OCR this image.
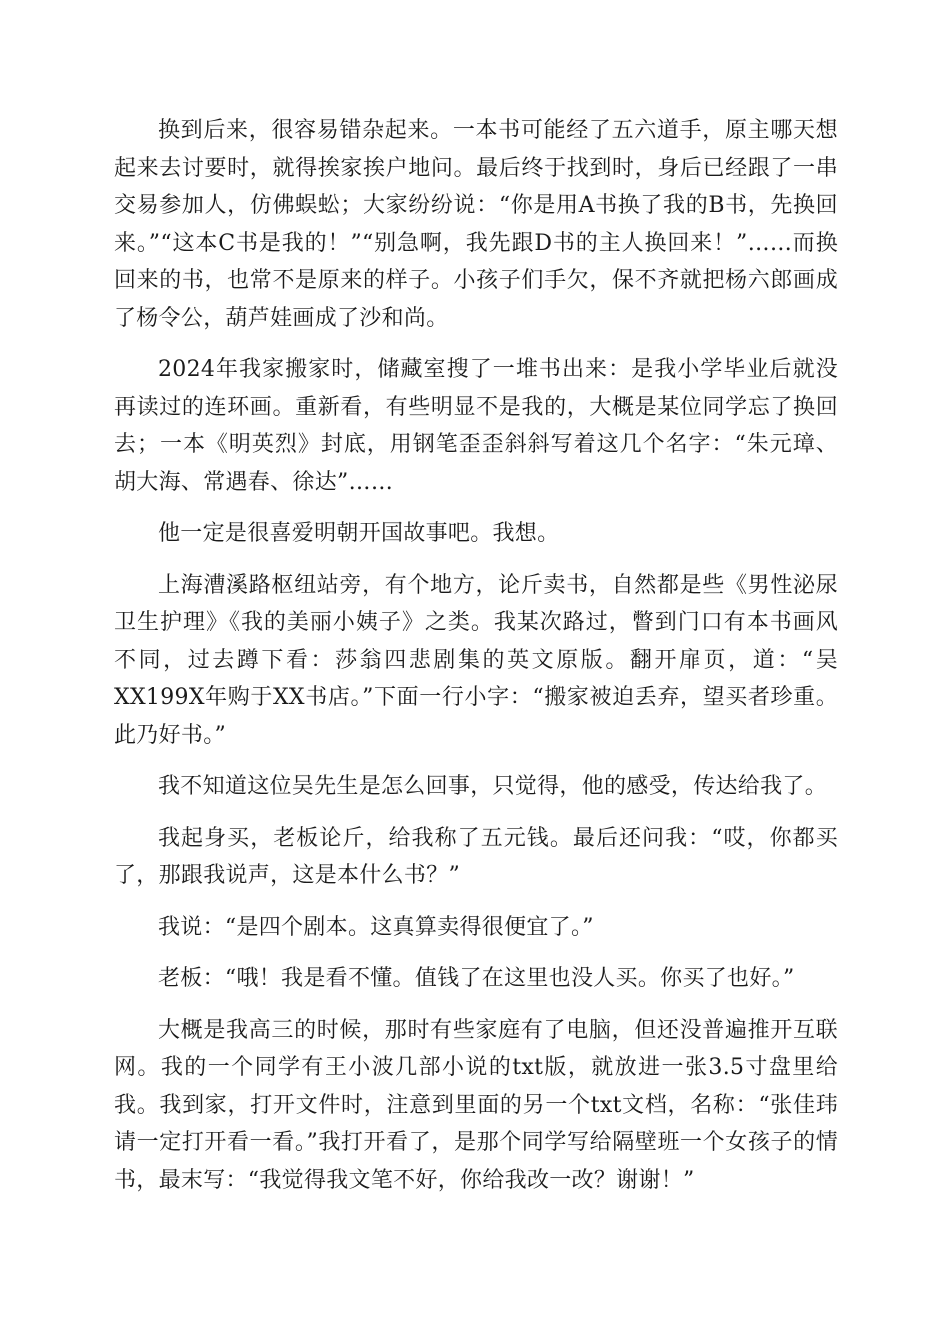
换到后来，很容易错杂起来。一本书可能经了五六道手，原主哪天想起来去讨要时，就得挨家挨户地问。最后终于找到时，身后已经跟了一串交易参加人，仿佛蜈蚣；大家纷纷说：“你是用A书换了我的B书，先换回来。”“这本C书是我的！”“别急啊，我先跟D书的主人换回来！”……而换回来的书，也常不是原来的样子。小孩子们手欠，保不齐就把杨六郎画成了杨令公，葫芦娃画成了沙和尚。

2024年我家搬家时，储藏室搜了一堆书出来：是我小学毕业后就没再读过的连环画。重新看，有些明显不是我的，大概是某位同学忘了换回去；一本《明英烈》封底，用钢笔歪歪斜斜写着这几个名字：“朱元璋、胡大海、常遇春、徐达”……

他一定是很喜爱明朝开国故事吧。我想。

上海漕溪路枢纽站旁，有个地方，论斤卖书，自然都是些《男性泌尿卫生护理》《我的美丽小姨子》之类。我某次路过，瞥到门口有本书画风不同，过去蹲下看：莎翁四悲剧集的英文原版。翻开扉页，道：“吴XX199X年购于XX书店。”下面一行小字：“搬家被迫丢弃，望买者珍重。此乃好书。”

我不知道这位吴先生是怎么回事，只觉得，他的感受，传达给我了。

我起身买，老板论斤，给我称了五元钱。最后还问我：“哎，你都买了，那跟我说声，这是本什么书？”

我说：“是四个剧本。这真算卖得很便宜了。”

老板：“哦！我是看不懂。值钱了在这里也没人买。你买了也好。”

大概是我高三的时候，那时有些家庭有了电脑，但还没普遍推开互联网。我的一个同学有王小波几部小说的txt版，就放进一张3.5寸盘里给我。我到家，打开文件时，注意到里面的另一个txt文档，名称：“张佳玮请一定打开看一看。”我打开看了，是那个同学写给隔壁班一个女孩子的情书，最末写：“我觉得我文笔不好，你给我改一改？谢谢！”
